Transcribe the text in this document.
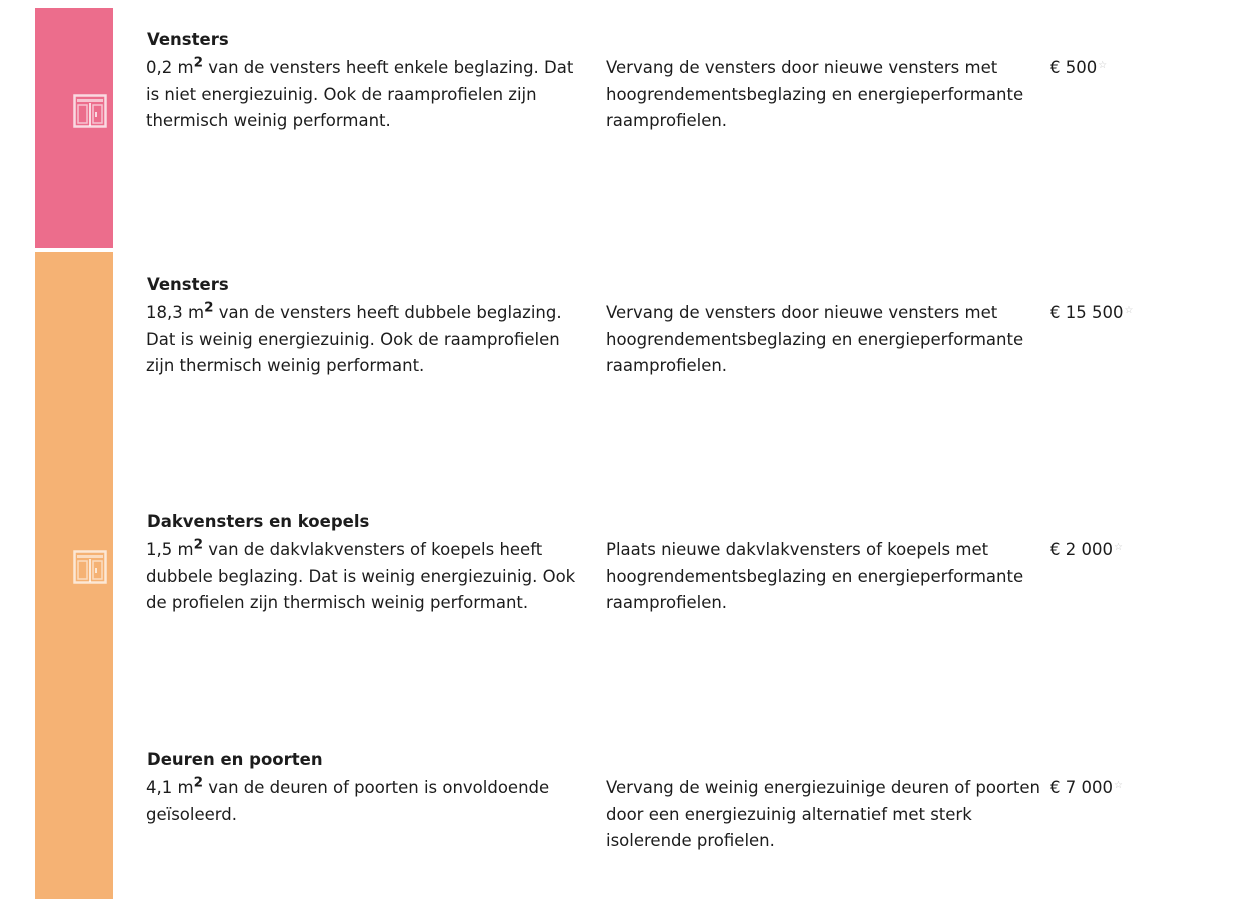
Vensters
0,2 $m^2$ van de vensters heeft enkele beglazing. Dat is niet energiezuinig. Ook de raamprofielen zijn thermisch weinig performant.
Vervang de vensters door nieuwe vensters met hoogrendementsbeglazing en energieperformante raamprofielen.
€ 500☆
Vensters
18,3 $m^2$ van de vensters heeft dubbele beglazing. Dat is weinig energiezuinig. Ook de raamprofielen zijn thermisch weinig performant.
Vervang de vensters door nieuwe vensters met hoogrendementsbeglazing en energieperformante raamprofielen.
€ 15 500☆
Dakvensters en koepels
1,5 $m^2$ van de dakvlakvensters of koepels heeft dubbele beglazing. Dat is weinig energiezuinig. Ook de profielen zijn thermisch weinig performant.
Plaats nieuwe dakvlakvensters of koepels met hoogrendementsbeglazing en energieperformante raamprofielen.
€ 2 000☆
Deuren en poorten
4,1 $m^2$ van de deuren of poorten is onvoldoende geïsoleerd.
Vervang de weinig energiezuinige deuren of poorten door een energiezuinig alternatief met sterk isolerende profielen.
€ 7 000☆
